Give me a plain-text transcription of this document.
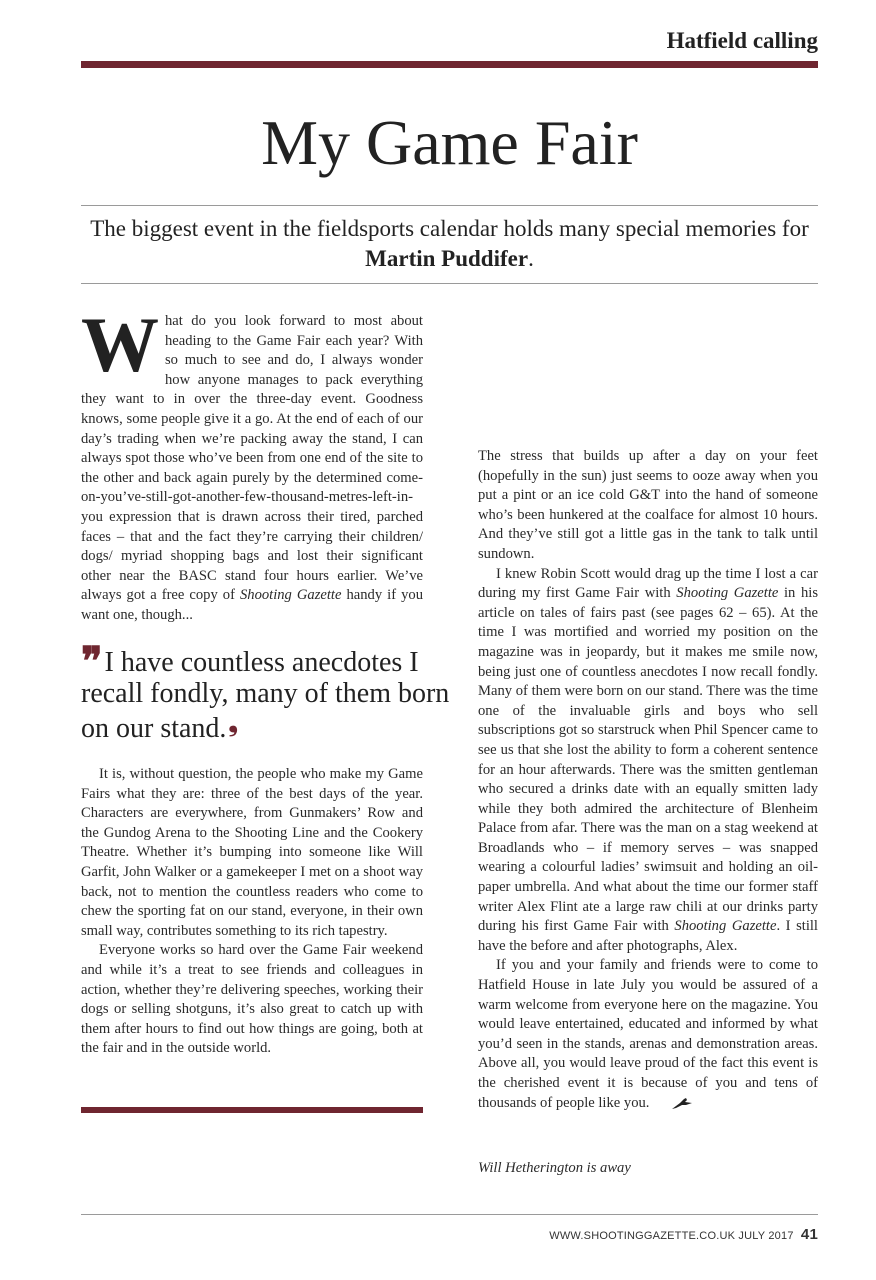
Hatfield calling
My Game Fair
The biggest event in the fieldsports calendar holds many special memories for Martin Puddifer.

What do you look forward to most about heading to the Game Fair each year? With so much to see and do, I always wonder how anyone manages to pack everything they want to in over the three-day event. Goodness knows, some people give it a go. At the end of each of our day’s trading when we’re packing away the stand, I can always spot those who’ve been from one end of the site to the other and back again purely by the determined come-on-you’ve-still-got-another-few-thousand-metres-left-in-you expression that is drawn across their tired, parched faces – that and the fact they’re carrying their children/ dogs/ myriad shopping bags and lost their significant other near the BASC stand four hours earlier. We’ve always got a free copy of Shooting Gazette handy if you want one, though...

❞I have countless anecdotes I recall fondly, many of them born on our stand.❟

It is, without question, the people who make my Game Fairs what they are: three of the best days of the year. Characters are everywhere, from Gunmakers’ Row and the Gundog Arena to the Shooting Line and the Cookery Theatre. Whether it’s bumping into someone like Will Garfit, John Walker or a gamekeeper I met on a shoot way back, not to mention the countless readers who come to chew the sporting fat on our stand, everyone, in their own small way, contributes something to its rich tapestry.

Everyone works so hard over the Game Fair weekend and while it’s a treat to see friends and colleagues in action, whether they’re delivering speeches, working their dogs or selling shotguns, it’s also great to catch up with them after hours to find out how things are going, both at the fair and in the outside world.

The stress that builds up after a day on your feet (hopefully in the sun) just seems to ooze away when you put a pint or an ice cold G&T into the hand of someone who’s been hunkered at the coalface for almost 10 hours. And they’ve still got a little gas in the tank to talk until sundown.

I knew Robin Scott would drag up the time I lost a car during my first Game Fair with Shooting Gazette in his article on tales of fairs past (see pages 62 – 65). At the time I was mortified and worried my position on the magazine was in jeopardy, but it makes me smile now, being just one of countless anecdotes I now recall fondly. Many of them were born on our stand. There was the time one of the invaluable girls and boys who sell subscriptions got so starstruck when Phil Spencer came to see us that she lost the ability to form a coherent sentence for an hour afterwards. There was the smitten gentleman who secured a drinks date with an equally smitten lady while they both admired the architecture of Blenheim Palace from afar. There was the man on a stag weekend at Broadlands who – if memory serves – was snapped wearing a colourful ladies’ swimsuit and holding an oil-paper umbrella. And what about the time our former staff writer Alex Flint ate a large raw chili at our drinks party during his first Game Fair with Shooting Gazette. I still have the before and after photographs, Alex.

If you and your family and friends were to come to Hatfield House in late July you would be assured of a warm welcome from everyone here on the magazine. You would leave entertained, educated and informed by what you’d seen in the stands, arenas and demonstration areas. Above all, you would leave proud of the fact this event is the cherished event it is because of you and tens of thousands of people like you.

Will Hetherington is away
WWW.SHOOTINGGAZETTE.CO.UK JULY 2017 41
